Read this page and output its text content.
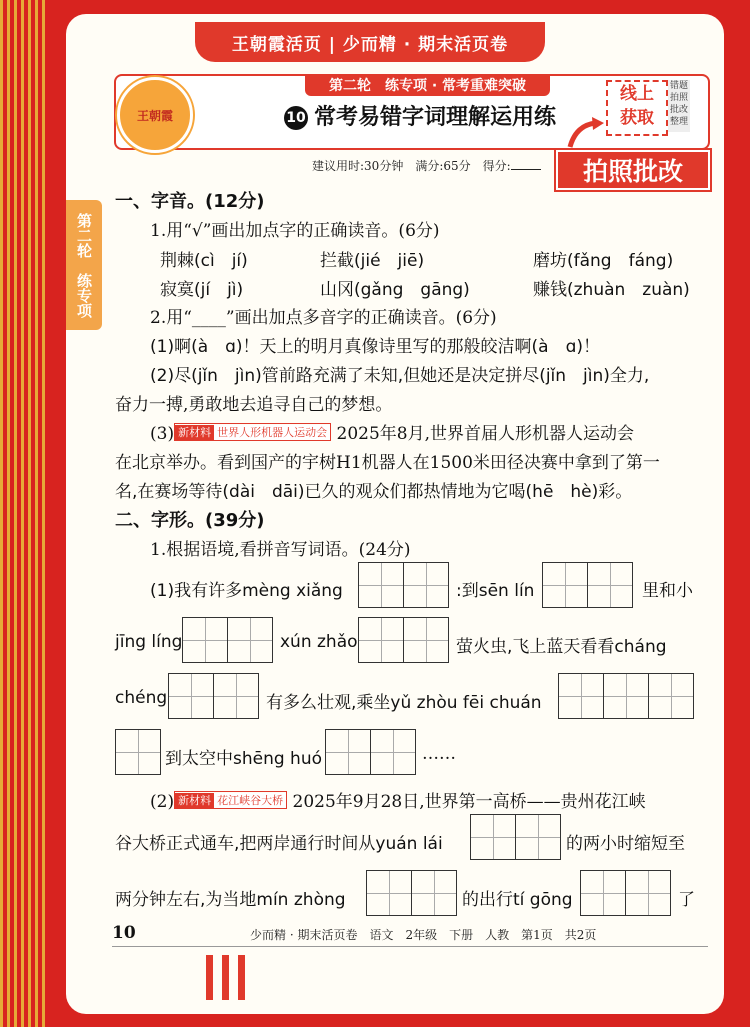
王朝霞活页 | 少而精 · 期末活页卷
王朝霞
第二轮　练专项 · 常考重难突破
10 常考易错字词理解运用练
线上
获取
错题拍照批改整理
拍照批改
建议用时:30分钟　满分:65分　得分:
第二轮　练专项
一、字音。(12分)
1.用“√”画出加点字的正确读音。(6分)
荆棘(cì　jí)	拦截(jié　jiē)	磨坊(fǎng　fáng)
寂寞(jí　jì)	山冈(gǎng　gāng)	赚钱(zhuàn　zuàn)
2.用“____”画出加点多音字的正确读音。(6分)
(1)啊(à　ɑ)！天上的明月真像诗里写的那般皎洁啊(à　ɑ)！
(2)尽(jǐn　jìn)管前路充满了未知,但她还是决定拼尽(jǐn　jìn)全力,
奋力一搏,勇敢地去追寻自己的梦想。
(3) 新材料 世界人形机器人运动会 2025年8月,世界首届人形机器人运动会
在北京举办。看到国产的宇树H1机器人在1500米田径决赛中拿到了第一
名,在赛场等待(dài　dāi)已久的观众们都热情地为它喝(hē　hè)彩。
二、字形。(39分)
1.根据语境,看拼音写词语。(24分)
(1)我有许多mèng xiǎng	:到sēn lín	里和小
jīng líng	xún zhǎo	萤火虫,飞上蓝天看看cháng
chéng	有多么壮观,乘坐yǔ zhòu fēi chuán
到太空中shēng huó	……
(2) 新材料 花江峡谷大桥 2025年9月28日,世界第一高桥——贵州花江峡
谷大桥正式通车,把两岸通行时间从yuán lái	的两小时缩短至
两分钟左右,为当地mín zhòng	的出行tí gōng	了
10	少而精 · 期末活页卷　语文　2年级　下册　人教　第1页　共2页
